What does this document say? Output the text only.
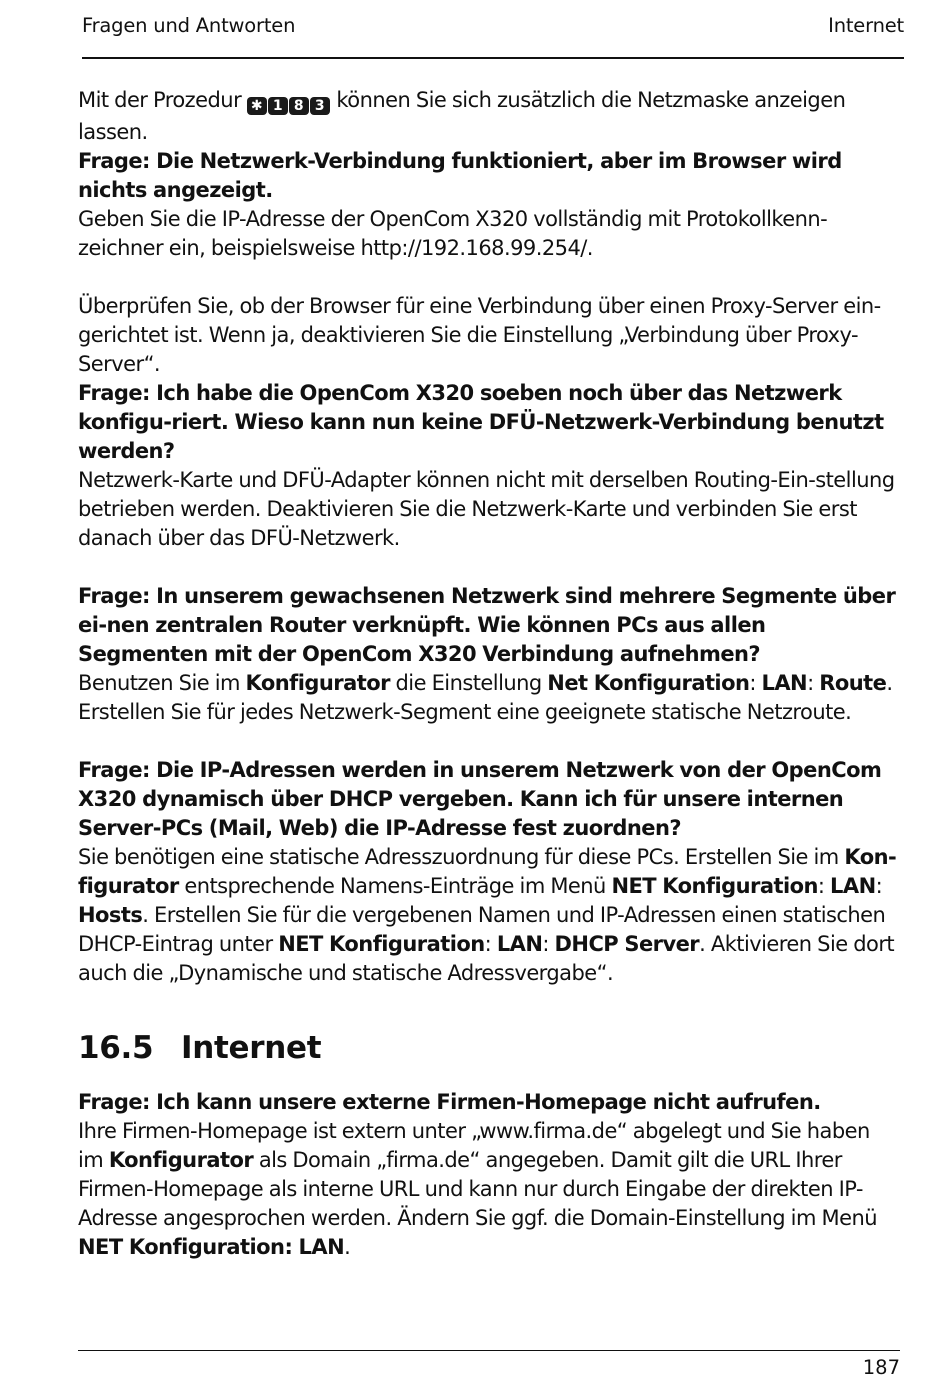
Fragen und Antworten	Internet

Mit der Prozedur ✱ 1 8 3 können Sie sich zusätzlich die Netzmaske anzeigen lassen.

Frage: Die Netzwerk-Verbindung funktioniert, aber im Browser wird nichts angezeigt.

Geben Sie die IP-Adresse der OpenCom X320 vollständig mit Protokollkenn-zeichner ein, beispielsweise http://192.168.99.254/.

Überprüfen Sie, ob der Browser für eine Verbindung über einen Proxy-Server ein-gerichtet ist. Wenn ja, deaktivieren Sie die Einstellung „Verbindung über Proxy-Server“.

Frage: Ich habe die OpenCom X320 soeben noch über das Netzwerk konfigu-riert. Wieso kann nun keine DFÜ-Netzwerk-Verbindung benutzt werden?

Netzwerk-Karte und DFÜ-Adapter können nicht mit derselben Routing-Ein-stellung betrieben werden. Deaktivieren Sie die Netzwerk-Karte und verbinden Sie erst danach über das DFÜ-Netzwerk.

Frage: In unserem gewachsenen Netzwerk sind mehrere Segmente über ei-nen zentralen Router verknüpft. Wie können PCs aus allen Segmenten mit der OpenCom X320 Verbindung aufnehmen?

Benutzen Sie im Konfigurator die Einstellung Net Konfiguration: LAN: Route. Erstellen Sie für jedes Netzwerk-Segment eine geeignete statische Netzroute.

Frage: Die IP-Adressen werden in unserem Netzwerk von der OpenCom X320 dynamisch über DHCP vergeben. Kann ich für unsere internen Server-PCs (Mail, Web) die IP-Adresse fest zuordnen?

Sie benötigen eine statische Adresszuordnung für diese PCs. Erstellen Sie im Kon-figurator entsprechende Namens-Einträge im Menü NET Konfiguration: LAN: Hosts. Erstellen Sie für die vergebenen Namen und IP-Adressen einen statischen DHCP-Eintrag unter NET Konfiguration: LAN: DHCP Server. Aktivieren Sie dort auch die „Dynamische und statische Adressvergabe“.

16.5 Internet

Frage: Ich kann unsere externe Firmen-Homepage nicht aufrufen.

Ihre Firmen-Homepage ist extern unter „www.firma.de“ abgelegt und Sie haben im Konfigurator als Domain „firma.de“ angegeben. Damit gilt die URL Ihrer Firmen-Homepage als interne URL und kann nur durch Eingabe der direkten IP-Adresse angesprochen werden. Ändern Sie ggf. die Domain-Einstellung im Menü NET Konfiguration: LAN.

187
